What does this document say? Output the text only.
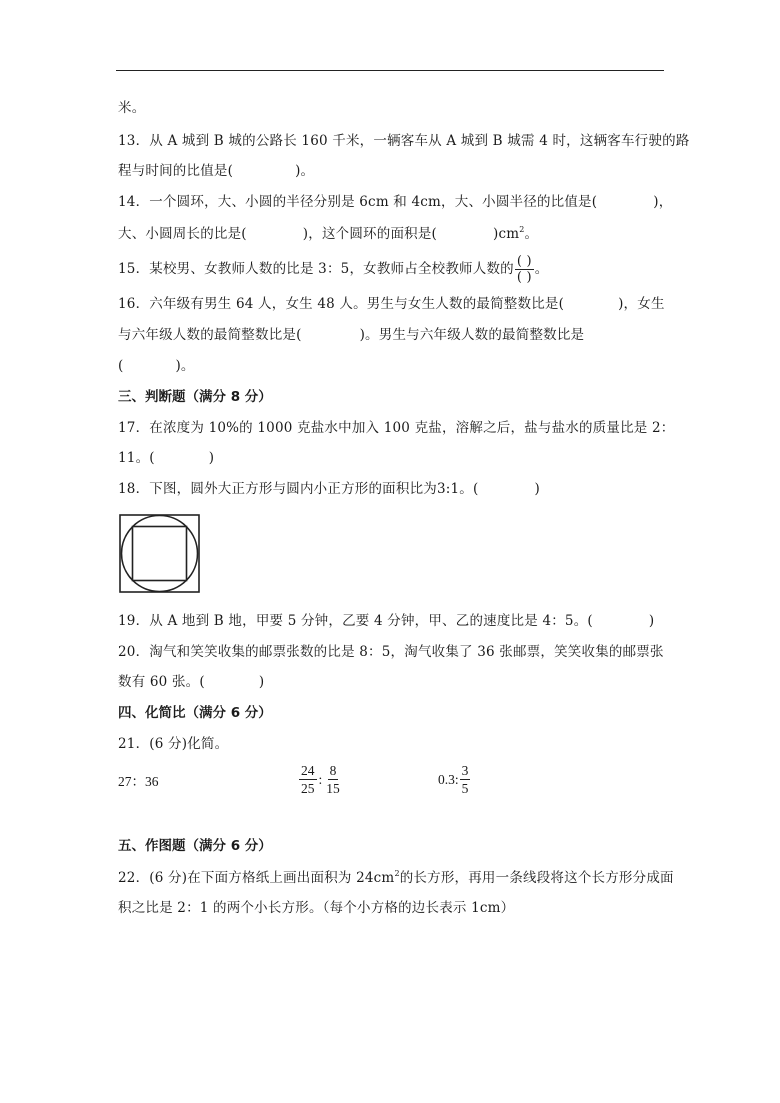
米。
13．从 A 城到 B 城的公路长 160 千米，一辆客车从 A 城到 B 城需 4 时，这辆客车行驶的路
程与时间的比值是(	)。
14．一个圆环，大、小圆的半径分别是 6cm 和 4cm，大、小圆半径的比值是(	)，
大、小圆周长的比是(	)，这个圆环的面积是(	)$cm^2$。
15．某校男、女教师人数的比是 3：5，女教师占全校教师人数的 $\frac{( )}{( )}$ 。
16．六年级有男生 64 人，女生 48 人。男生与女生人数的最简整数比是(	)，女生
与六年级人数的最简整数比是(	)。男生与六年级人数的最简整数比是
(	)。
三、判断题（满分 8 分）
17．在浓度为 10%的 1000 克盐水中加入 100 克盐，溶解之后，盐与盐水的质量比是 2：
11。(	)
18．下图，圆外大正方形与圆内小正方形的面积比为3:1。(	)
19．从 A 地到 B 地，甲要 5 分钟，乙要 4 分钟，甲、乙的速度比是 4：5。(	)
20．淘气和笑笑收集的邮票张数的比是 8：5，淘气收集了 36 张邮票，笑笑收集的邮票张
数有 60 张。(	)
四、化简比（满分 6 分）
21．(6 分)化简。
27：36	$\frac{24}{25}$ : $\frac{8}{15}$	0.3: $\frac{3}{5}$
五、作图题（满分 6 分）
22．(6 分)在下面方格纸上画出面积为 $24cm^2$的长方形，再用一条线段将这个长方形分成面
积之比是 2：1 的两个小长方形。（每个小方格的边长表示 1cm）
